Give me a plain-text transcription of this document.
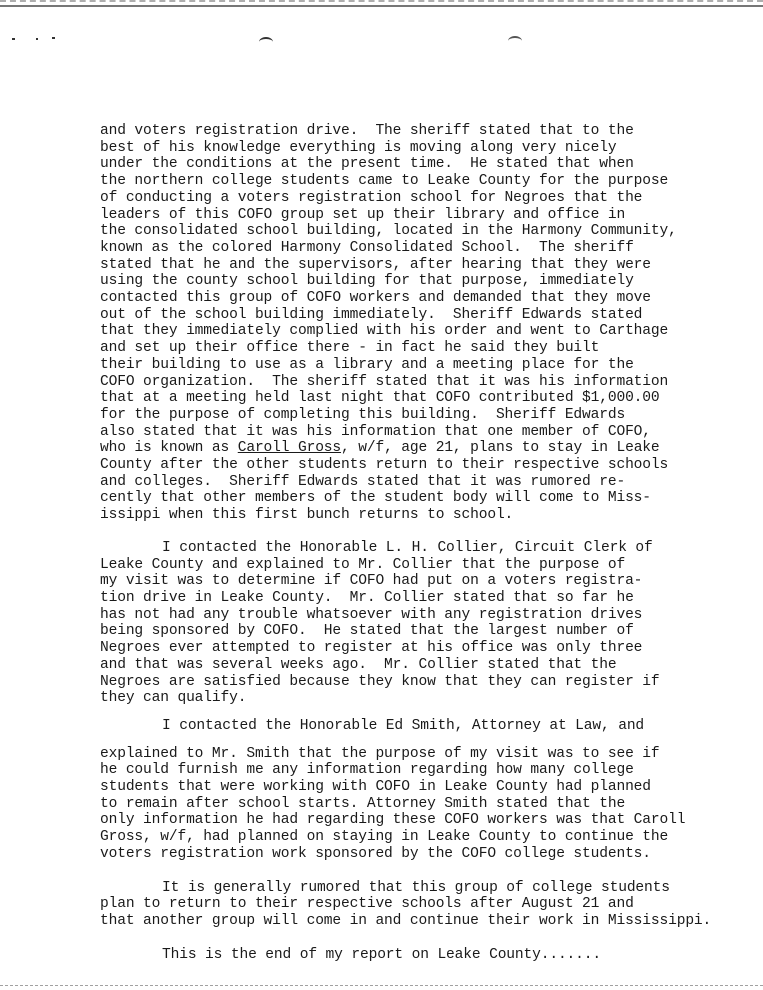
and voters registration drive.  The sheriff stated that to the
best of his knowledge everything is moving along very nicely
under the conditions at the present time.  He stated that when
the northern college students came to Leake County for the purpose
of conducting a voters registration school for Negroes that the
leaders of this COFO group set up their library and office in
the consolidated school building, located in the Harmony Community,
known as the colored Harmony Consolidated School.  The sheriff
stated that he and the supervisors, after hearing that they were
using the county school building for that purpose, immediately
contacted this group of COFO workers and demanded that they move
out of the school building immediately.  Sheriff Edwards stated
that they immediately complied with his order and went to Carthage
and set up their office there - in fact he said they built
their building to use as a library and a meeting place for the
COFO organization.  The sheriff stated that it was his information
that at a meeting held last night that COFO contributed $1,000.00
for the purpose of completing this building.  Sheriff Edwards
also stated that it was his information that one member of COFO,
who is known as Caroll Gross, w/f, age 21, plans to stay in Leake
County after the other students return to their respective schools
and colleges.  Sheriff Edwards stated that it was rumored re-
cently that other members of the student body will come to Miss-
issippi when this first bunch returns to school.
I contacted the Honorable L. H. Collier, Circuit Clerk of
Leake County and explained to Mr. Collier that the purpose of
my visit was to determine if COFO had put on a voters registra-
tion drive in Leake County.  Mr. Collier stated that so far he
has not had any trouble whatsoever with any registration drives
being sponsored by COFO.  He stated that the largest number of
Negroes ever attempted to register at his office was only three
and that was several weeks ago.  Mr. Collier stated that the
Negroes are satisfied because they know that they can register if
they can qualify.
I contacted the Honorable Ed Smith, Attorney at Law, and
explained to Mr. Smith that the purpose of my visit was to see if
he could furnish me any information regarding how many college
students that were working with COFO in Leake County had planned
to remain after school starts. Attorney Smith stated that the
only information he had regarding these COFO workers was that Caroll
Gross, w/f, had planned on staying in Leake County to continue the
voters registration work sponsored by the COFO college students.
It is generally rumored that this group of college students
plan to return to their respective schools after August 21 and
that another group will come in and continue their work in Mississippi.
This is the end of my report on Leake County.......
